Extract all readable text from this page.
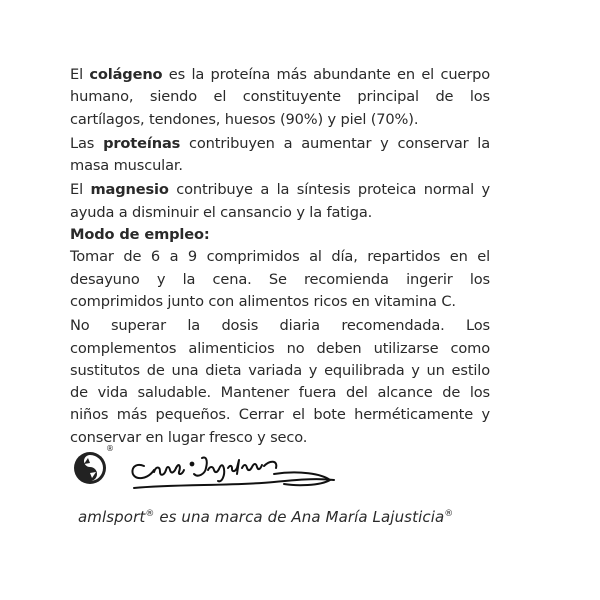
El colágeno es la proteína más abundante en el cuerpo humano, siendo el constituyente principal de los cartílagos, tendones, huesos (90%) y piel (70%).

Las proteínas contribuyen a aumentar y conservar la masa muscular.

El magnesio contribuye a la síntesis proteica normal y ayuda a disminuir el cansancio y la fatiga.

Modo de empleo:

Tomar de 6 a 9 comprimidos al día, repartidos en el desayuno y la cena. Se recomienda ingerir los comprimidos junto con alimentos ricos en vitamina C.

No superar la dosis diaria recomendada. Los complementos alimenticios no deben utilizarse como sustitutos de una dieta variada y equilibrada y un estilo de vida saludable. Mantener fuera del alcance de los niños más pequeños. Cerrar el bote herméticamente y conservar en lugar fresco y seco.

®
amlsport® es una marca de Ana María Lajusticia®
